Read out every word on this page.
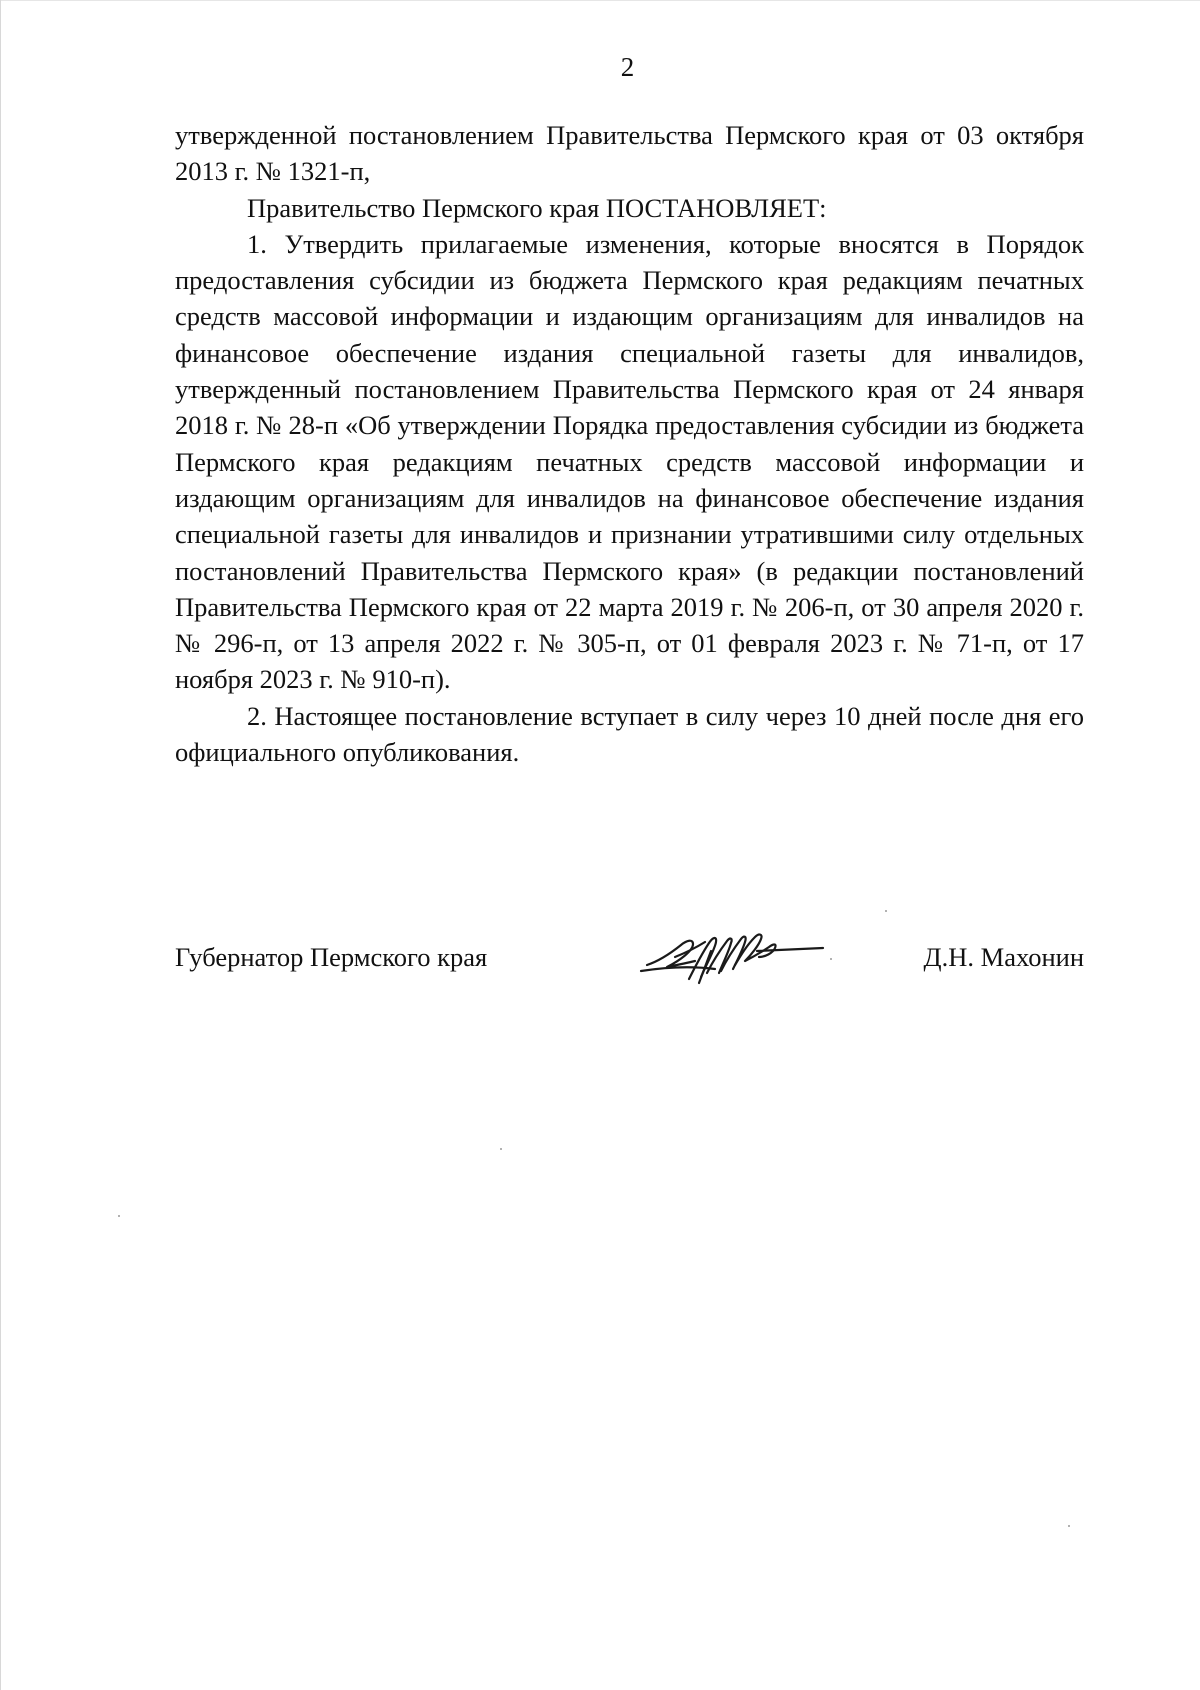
2

утвержденной постановлением Правительства Пермского края от 03 октября 2013 г. № 1321-п,

Правительство Пермского края ПОСТАНОВЛЯЕТ:

1. Утвердить прилагаемые изменения, которые вносятся в Порядок предоставления субсидии из бюджета Пермского края редакциям печатных средств массовой информации и издающим организациям для инвалидов на финансовое обеспечение издания специальной газеты для инвалидов, утвержденный постановлением Правительства Пермского края от 24 января 2018 г. № 28-п «Об утверждении Порядка предоставления субсидии из бюджета Пермского края редакциям печатных средств массовой информации и издающим организациям для инвалидов на финансовое обеспечение издания специальной газеты для инвалидов и признании утратившими силу отдельных постановлений Правительства Пермского края» (в редакции постановлений Правительства Пермского края от 22 марта 2019 г. № 206-п, от 30 апреля 2020 г. № 296-п, от 13 апреля 2022 г. № 305-п, от 01 февраля 2023 г. № 71-п, от 17 ноября 2023 г. № 910-п).

2. Настоящее постановление вступает в силу через 10 дней после дня его официального опубликования.

Губернатор Пермского края	Д.Н. Махонин
